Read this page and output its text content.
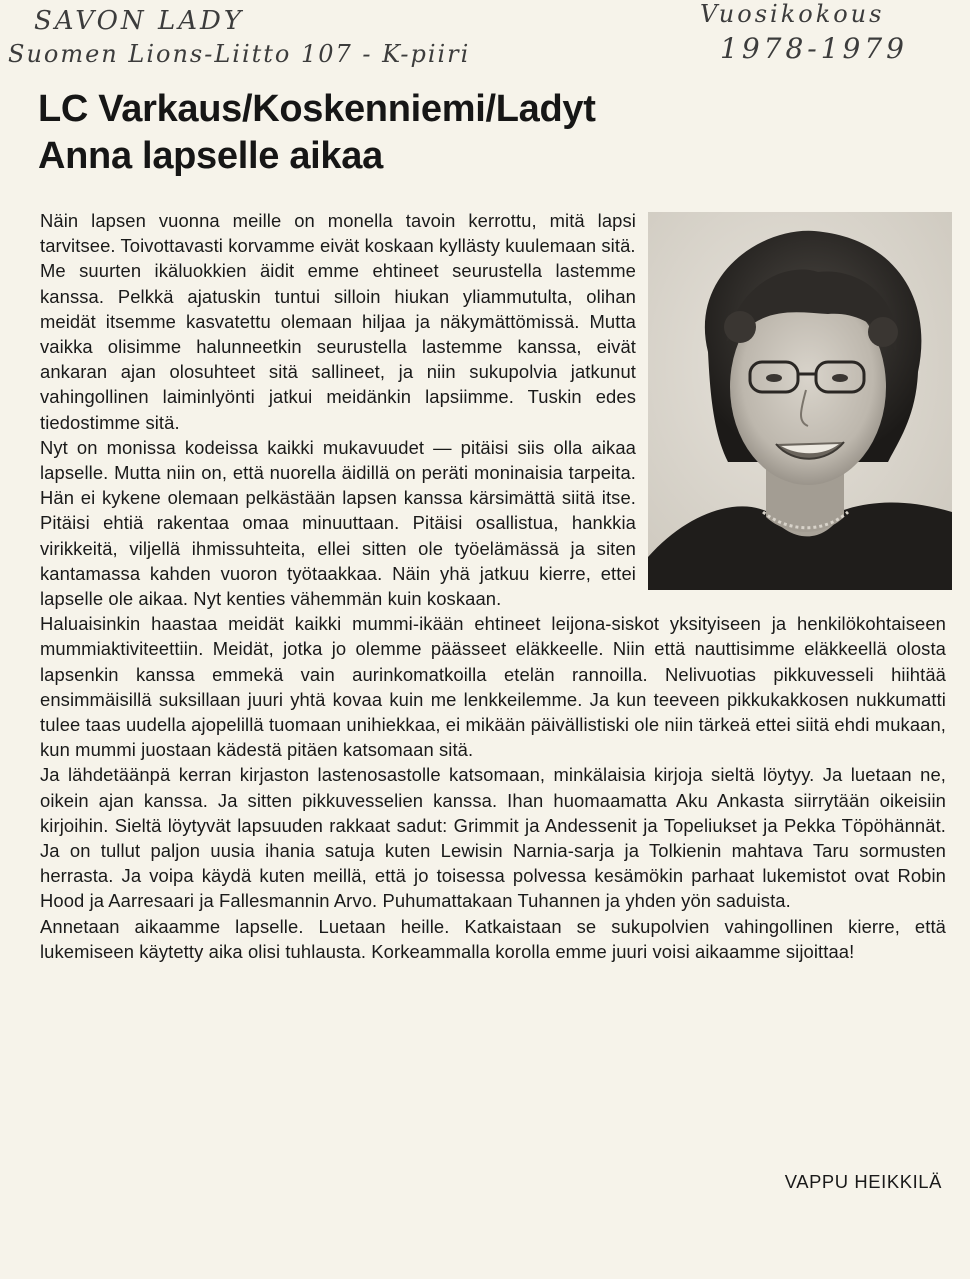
SAVON LADY
Suomen Lions-Liitto 107 - K-piiri
Vuosikokous
1978-1979
LC Varkaus/Koskenniemi/Ladyt
Anna lapselle aikaa

Näin lapsen vuonna meille on monella tavoin kerrottu, mitä lapsi tarvitsee. Toivottavasti korvamme eivät koskaan kyllästy kuulemaan sitä.

Me suurten ikäluokkien äidit emme ehtineet seurustella lastemme kanssa. Pelkkä ajatuskin tuntui silloin hiukan yliammutulta, olihan meidät itsemme kasvatettu olemaan hiljaa ja näkymättömissä. Mutta vaikka olisimme halunneetkin seurustella lastemme kanssa, eivät ankaran ajan olosuhteet sitä sallineet, ja niin sukupolvia jatkunut vahingollinen laiminlyönti jatkui meidänkin lapsiimme. Tuskin edes tiedostimme sitä.

Nyt on monissa kodeissa kaikki mukavuudet — pitäisi siis olla aikaa lapselle. Mutta niin on, että nuorella äidillä on peräti moninaisia tarpeita. Hän ei kykene olemaan pelkästään lapsen kanssa kärsimättä siitä itse. Pitäisi ehtiä rakentaa omaa minuuttaan. Pitäisi osallistua, hankkia virikkeitä, viljellä ihmissuhteita, ellei sitten ole työelämässä ja siten kantamassa kahden vuoron työtaakkaa. Näin yhä jatkuu kierre, ettei lapselle ole aikaa. Nyt kenties vähemmän kuin koskaan.

Haluaisinkin haastaa meidät kaikki mummi-ikään ehtineet leijona-siskot yksityiseen ja henkilökohtaiseen mummiaktiviteettiin. Meidät, jotka jo olemme päässeet eläkkeelle. Niin että nauttisimme eläkkeellä olosta lapsenkin kanssa emmekä vain aurinkomatkoilla etelän rannoilla. Nelivuotias pikkuvesseli hiihtää ensimmäisillä suksillaan juuri yhtä kovaa kuin me lenkkeilemme. Ja kun teeveen pikkukakkosen nukkumatti tulee taas uudella ajopelillä tuomaan unihiekkaa, ei mikään päivällistiski ole niin tärkeä ettei siitä ehdi mukaan, kun mummi juostaan kädestä pitäen katsomaan sitä.

Ja lähdetäänpä kerran kirjaston lastenosastolle katsomaan, minkälaisia kirjoja sieltä löytyy. Ja luetaan ne, oikein ajan kanssa. Ja sitten pikkuvesselien kanssa. Ihan huomaamatta Aku Ankasta siirrytään oikeisiin kirjoihin. Sieltä löytyvät lapsuuden rakkaat sadut: Grimmit ja Andessenit ja Topeliukset ja Pekka Töpöhännät. Ja on tullut paljon uusia ihania satuja kuten Lewisin Narnia-sarja ja Tolkienin mahtava Taru sormusten herrasta. Ja voipa käydä kuten meillä, että jo toisessa polvessa kesämökin parhaat lukemistot ovat Robin Hood ja Aarresaari ja Fallesmannin Arvo. Puhumattakaan Tuhannen ja yhden yön saduista.

Annetaan aikaamme lapselle. Luetaan heille. Katkaistaan se sukupolvien vahingollinen kierre, että lukemiseen käytetty aika olisi tuhlausta. Korkeammalla korolla emme juuri voisi aikaamme sijoittaa!

VAPPU HEIKKILÄ
